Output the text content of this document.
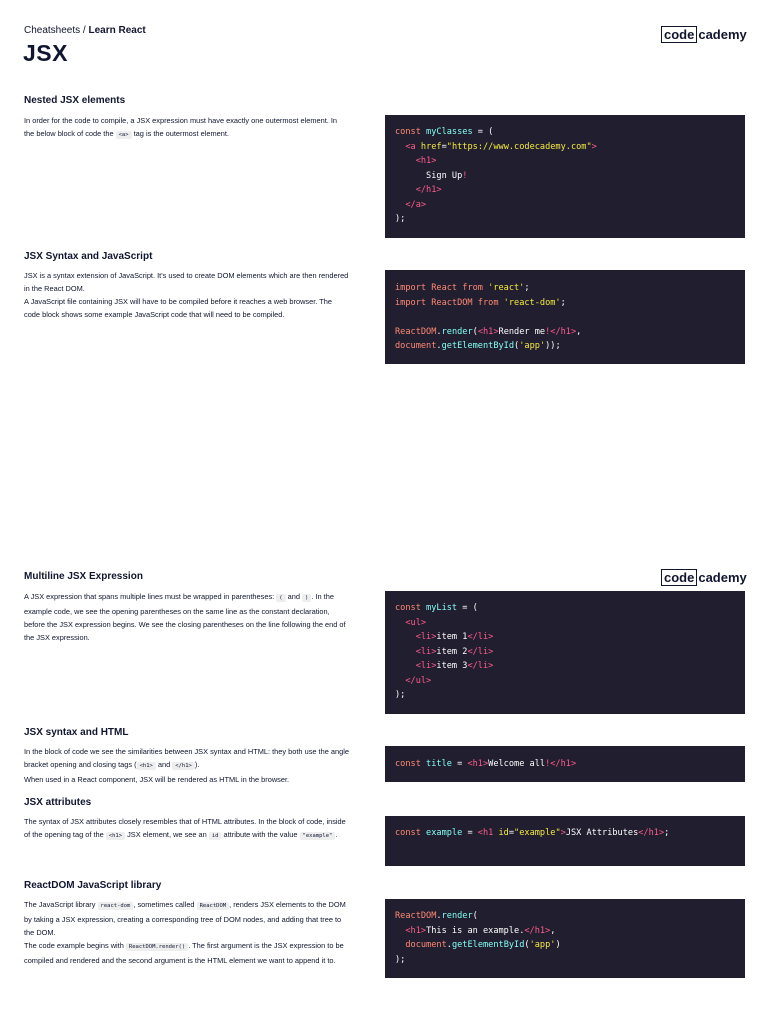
Cheatsheets / Learn React
JSX
code cademy
code cademy
Nested JSX elements

In order for the code to compile, a JSX expression must have exactly one outermost element. In the below block of code the <a> tag is the outermost element.	const myClasses = (
<a href="https://www.codecademy.com">
<h1>
Sign Up!
</h1>
</a>
);
JSX Syntax and JavaScript

JSX is a syntax extension of JavaScript. It's used to create DOM elements which are then rendered in the React DOM.
A JavaScript file containing JSX will have to be compiled before it reaches a web browser. The code block shows some example JavaScript code that will need to be compiled.

import React from 'react';
import ReactDOM from 'react-dom';
ReactDOM.render(<h1>Render me!</h1>,
document.getElementById('app'));
Multiline JSX Expression

A JSX expression that spans multiple lines must be wrapped in parentheses: ( and ) . In the example code, we see the opening parentheses on the same line as the constant declaration, before the JSX expression begins. We see the closing parentheses on the line following the end of the JSX expression.

const myList = (
<ul>
<li>item 1</li>
<li>item 2</li>
<li>item 3</li>
</ul>
);
JSX syntax and HTML

In the block of code we see the similarities between JSX syntax and HTML: they both use the angle bracket opening and closing tags ( <h1> and </h1> ).
When used in a React component, JSX will be rendered as HTML in the browser.

const title = <h1>Welcome all!</h1>
JSX attributes

The syntax of JSX attributes closely resembles that of HTML attributes. In the block of code, inside of the opening tag of the <h1> JSX element, we see an id attribute with the value "example" .	const example = <h1 id="example">JSX Attributes</h1>;
ReactDOM JavaScript library

The JavaScript library react-dom , sometimes called ReactDOM , renders JSX elements to the DOM by taking a JSX expression, creating a corresponding tree of DOM nodes, and adding that tree to the DOM.
The code example begins with ReactDOM.render() . The first argument is the JSX expression to be compiled and rendered and the second argument is the HTML element we want to append it to.

ReactDOM.render(
<h1>This is an example.</h1>,
document.getElementById('app')
);
